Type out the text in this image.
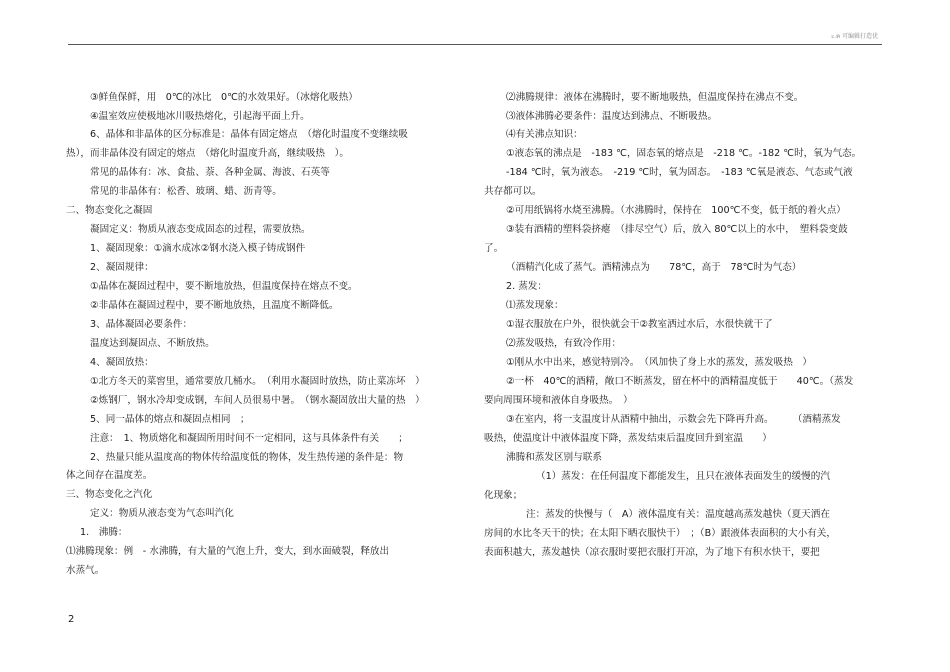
ะ.ค 可编辑打造优
③鲜鱼保鲜，用　0℃的冰比　0℃的水效果好。（冰熔化吸热）
④温室效应使极地冰川吸热熔化，引起海平面上升。
6、晶体和非晶体的区分标准是：晶体有固定熔点　（熔化时温度不变继续吸
热），而非晶体没有固定的熔点　（熔化时温度升高，继续吸热　）。
常见的晶体有：冰、食盐、萘、各种金属、海波、石英等
常见的非晶体有：松香、玻璃、蜡、沥青等。
二、物态变化之凝固
凝固定义：物质从液态变成固态的过程，需要放热。
1、凝固现象：①滴水成冰②钢水浇入模子铸成钢件
2、凝固规律：
①晶体在凝固过程中，要不断地放热，但温度保持在熔点不变。
②非晶体在凝固过程中，要不断地放热，且温度不断降低。
3、晶体凝固必要条件：
温度达到凝固点、不断放热。
4、凝固放热：
①北方冬天的菜窖里，通常要放几桶水。　（利用水凝固时放热，防止菜冻坏　）
②炼钢厂，钢水冷却变成钢，车间人员很易中暑。　（钢水凝固放出大量的热　）
5、同一晶体的熔点和凝固点相同　；
注意：　1、物质熔化和凝固所用时间不一定相同，这与具体条件有关　　；
2、热量只能从温度高的物体传给温度低的物体，发生热传递的条件是：物
体之间存在温度差。
三、物态变化之汽化
定义：物质从液态变为气态叫汽化
1.　沸腾：
⑴沸腾现象：例　- 水沸腾，有大量的气泡上升，变大，到水面破裂，释放出
水蒸气。
⑵沸腾规律：液体在沸腾时，要不断地吸热，但温度保持在沸点不变。
⑶液体沸腾必要条件：温度达到沸点、不断吸热。
⑷有关沸点知识：
①液态氧的沸点是　-183 ℃，固态氧的熔点是　-218 ℃。-182 ℃时，氧为气态。
-184 ℃时，氧为液态。　-219 ℃时，氧为固态。　-183 ℃氧是液态、气态或气液
共存都可以。
②可用纸锅将水烧至沸腾。（水沸腾时，保持在　100℃不变，低于纸的着火点）
③装有酒精的塑料袋挤瘪　（排尽空气）后，放入 80℃以上的水中，　塑料袋变鼓
了。
（酒精汽化成了蒸气。酒精沸点为　　78℃，高于　78℃时为气态）
2. 蒸发：
⑴蒸发现象：
①湿衣服放在户外，很快就会干②教室洒过水后，水很快就干了
⑵蒸发吸热，有致冷作用：
①刚从水中出来，感觉特别冷。　（风加快了身上水的蒸发，蒸发吸热　）
②一杯　40℃的酒精，敞口不断蒸发，留在杯中的酒精温度低于　　40℃。（蒸发
要向周围环境和液体自身吸热。　）
③在室内，将一支温度计从酒精中抽出，示数会先下降再升高。　　　（酒精蒸发
吸热，使温度计中液体温度下降，蒸发结束后温度回升到室温　　）
沸腾和蒸发区别与联系
（1）蒸发：在任何温度下都能发生，且只在液体表面发生的缓慢的汽
化现象；
注：蒸发的快慢与（　A）液体温度有关：温度越高蒸发越快（夏天洒在
房间的水比冬天干的快；在太阳下晒衣服快干）　；（B）跟液体表面积的大小有关，
表面积越大，蒸发越快（凉衣服时要把衣服打开凉，为了地下有积水快干，要把
2
